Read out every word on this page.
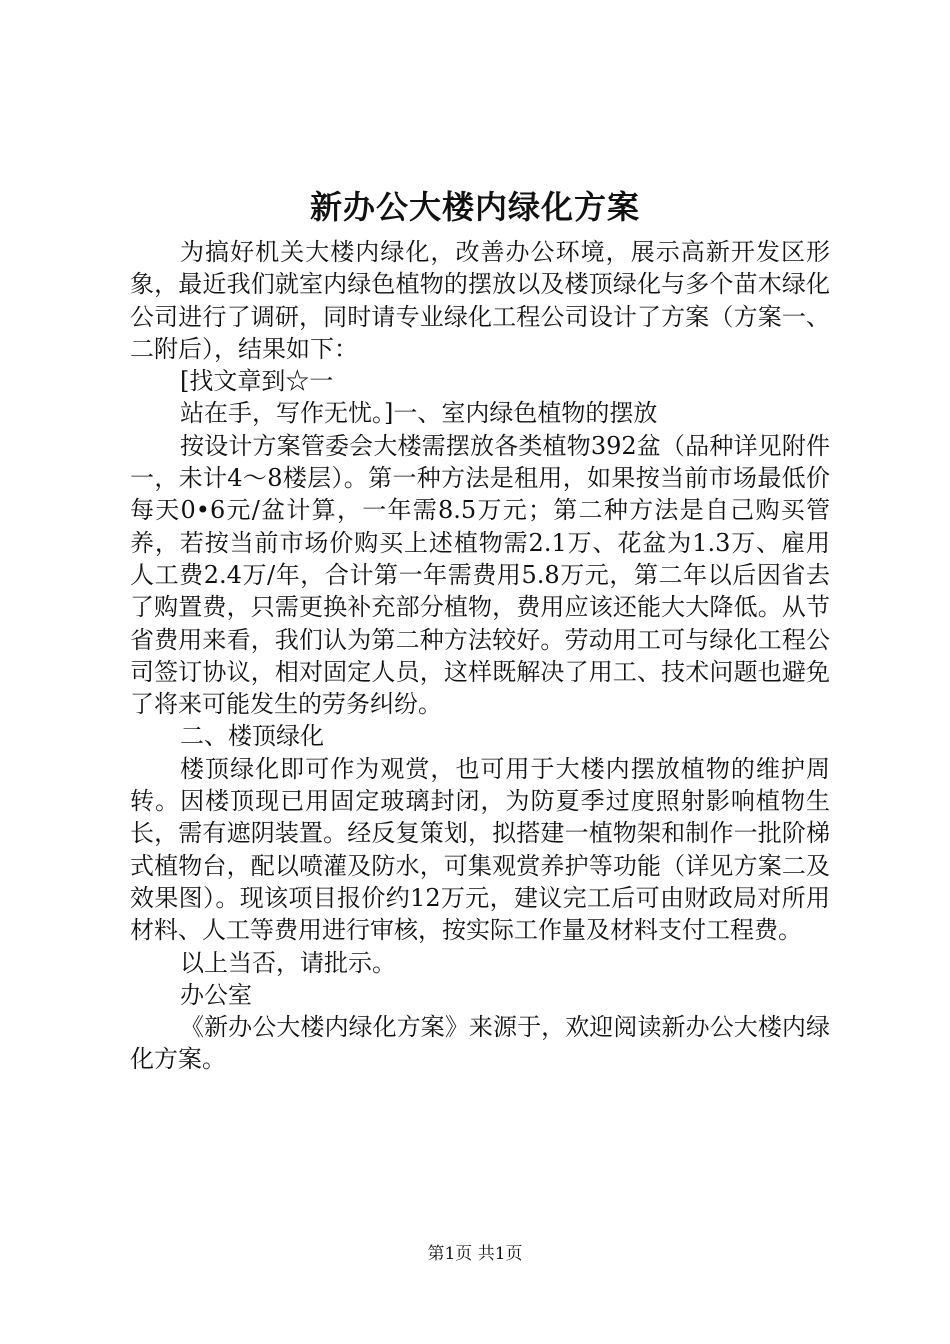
新办公大楼内绿化方案

为搞好机关大楼内绿化，改善办公环境，展示高新开发区形象，最近我们就室内绿色植物的摆放以及楼顶绿化与多个苗木绿化公司进行了调研，同时请专业绿化工程公司设计了方案（方案一、二附后），结果如下：

[找文章到☆一

站在手，写作无忧。]一、室内绿色植物的摆放

按设计方案管委会大楼需摆放各类植物392盆（品种详见附件一，未计4～8楼层）。第一种方法是租用，如果按当前市场最低价每天0•6元/盆计算，一年需8.5万元；第二种方法是自己购买管养，若按当前市场价购买上述植物需2.1万、花盆为1.3万、雇用人工费2.4万/年，合计第一年需费用5.8万元，第二年以后因省去了购置费，只需更换补充部分植物，费用应该还能大大降低。从节省费用来看，我们认为第二种方法较好。劳动用工可与绿化工程公司签订协议，相对固定人员，这样既解决了用工、技术问题也避免了将来可能发生的劳务纠纷。

二、楼顶绿化

楼顶绿化即可作为观赏，也可用于大楼内摆放植物的维护周转。因楼顶现已用固定玻璃封闭，为防夏季过度照射影响植物生长，需有遮阴装置。经反复策划，拟搭建一植物架和制作一批阶梯式植物台，配以喷灌及防水，可集观赏养护等功能（详见方案二及效果图）。现该项目报价约12万元，建议完工后可由财政局对所用材料、人工等费用进行审核，按实际工作量及材料支付工程费。

以上当否，请批示。

办公室

《新办公大楼内绿化方案》来源于，欢迎阅读新办公大楼内绿化方案。

第1页 共1页
